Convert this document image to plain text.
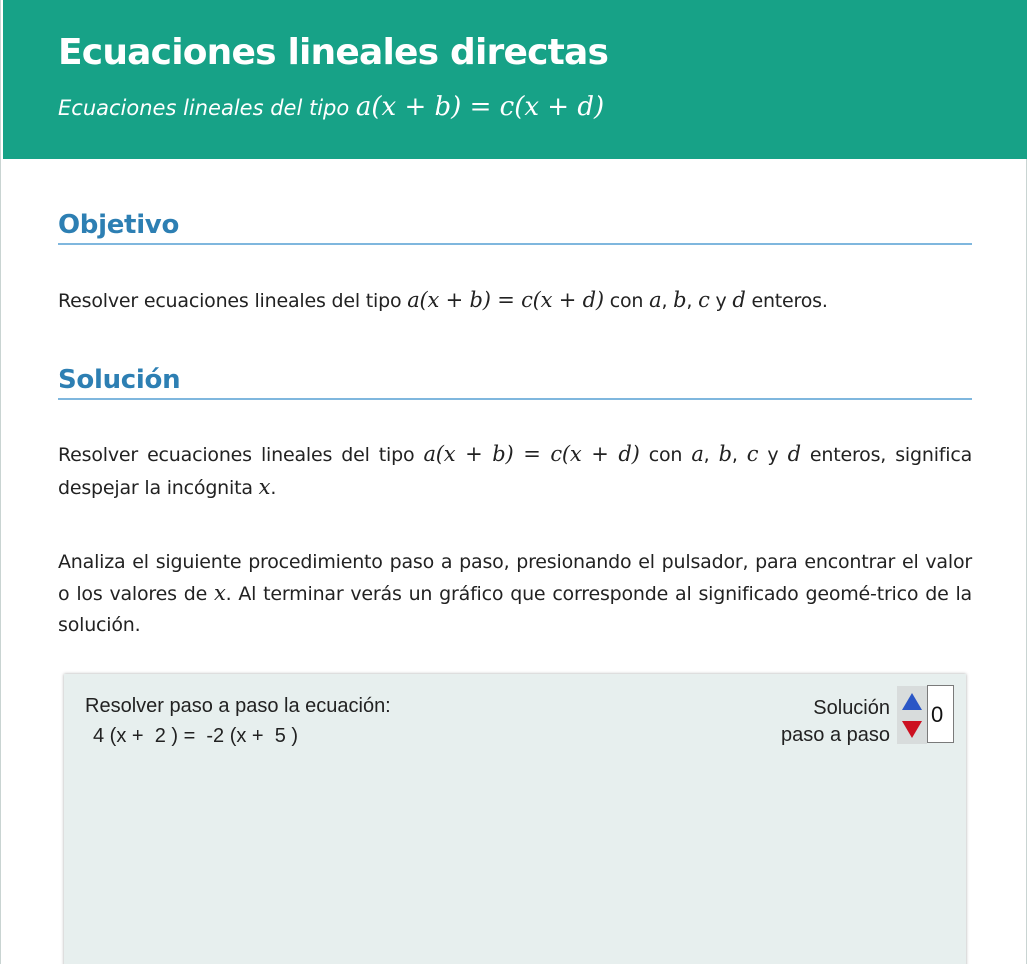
Ecuaciones lineales directas

Ecuaciones lineales del tipo a(x + b) = c(x + d)

Objetivo

Resolver ecuaciones lineales del tipo a(x + b) = c(x + d) con a, b, c y d enteros.

Solución

Resolver ecuaciones lineales del tipo a(x + b) = c(x + d) con a, b, c y d enteros, significa despejar la incógnita x.

Analiza el siguiente procedimiento paso a paso, presionando el pulsador, para encontrar el valor o los valores de x. Al terminar verás un gráfico que corresponde al significado geomé-trico de la solución.

Resolver paso a paso la ecuación:
4 (x +  2 ) =  -2 (x +  5 )
Solución
paso a paso
0
